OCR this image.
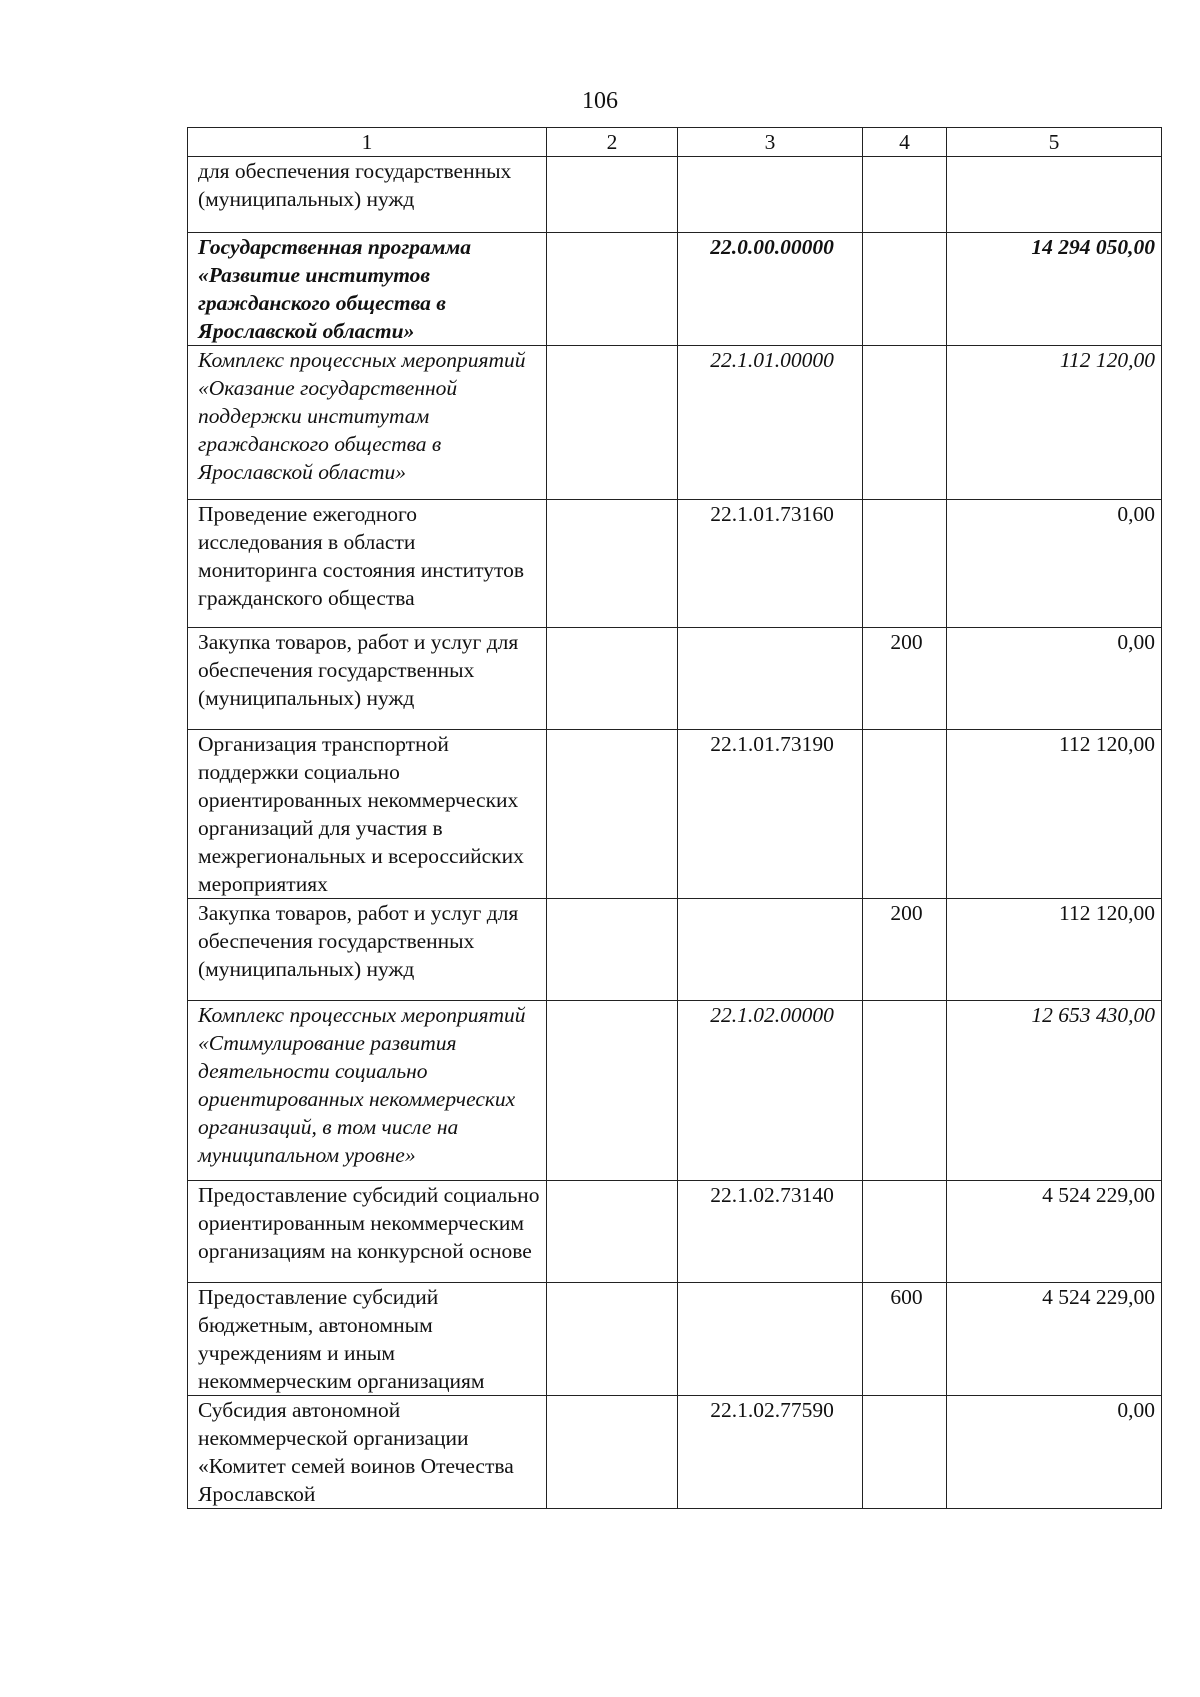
106
1	2	3	4	5
для обеспечения государственных (муниципальных) нужд				
Государственная программа «Развитие институтов гражданского общества в Ярославской области»		22.0.00.00000		14 294 050,00
Комплекс процессных мероприятий «Оказание государственной поддержки институтам гражданского общества в Ярославской области»		22.1.01.00000		112 120,00
Проведение ежегодного исследования в области мониторинга состояния институтов гражданского общества		22.1.01.73160		0,00
Закупка товаров, работ и услуг для обеспечения государственных (муниципальных) нужд			200	0,00
Организация транспортной поддержки социально ориентированных некоммерческих организаций для участия в межрегиональных и всероссийских мероприятиях		22.1.01.73190		112 120,00
Закупка товаров, работ и услуг для обеспечения государственных (муниципальных) нужд			200	112 120,00
Комплекс процессных мероприятий «Стимулирование развития деятельности социально ориентированных некоммерческих организаций, в том числе на муниципальном уровне»		22.1.02.00000		12 653 430,00
Предоставление субсидий социально ориентированным некоммерческим организациям на конкурсной основе		22.1.02.73140		4 524 229,00
Предоставление субсидий бюджетным, автономным учреждениям и иным некоммерческим организациям			600	4 524 229,00
Субсидия автономной некоммерческой организации «Комитет семей воинов Отечества Ярославской		22.1.02.77590		0,00
